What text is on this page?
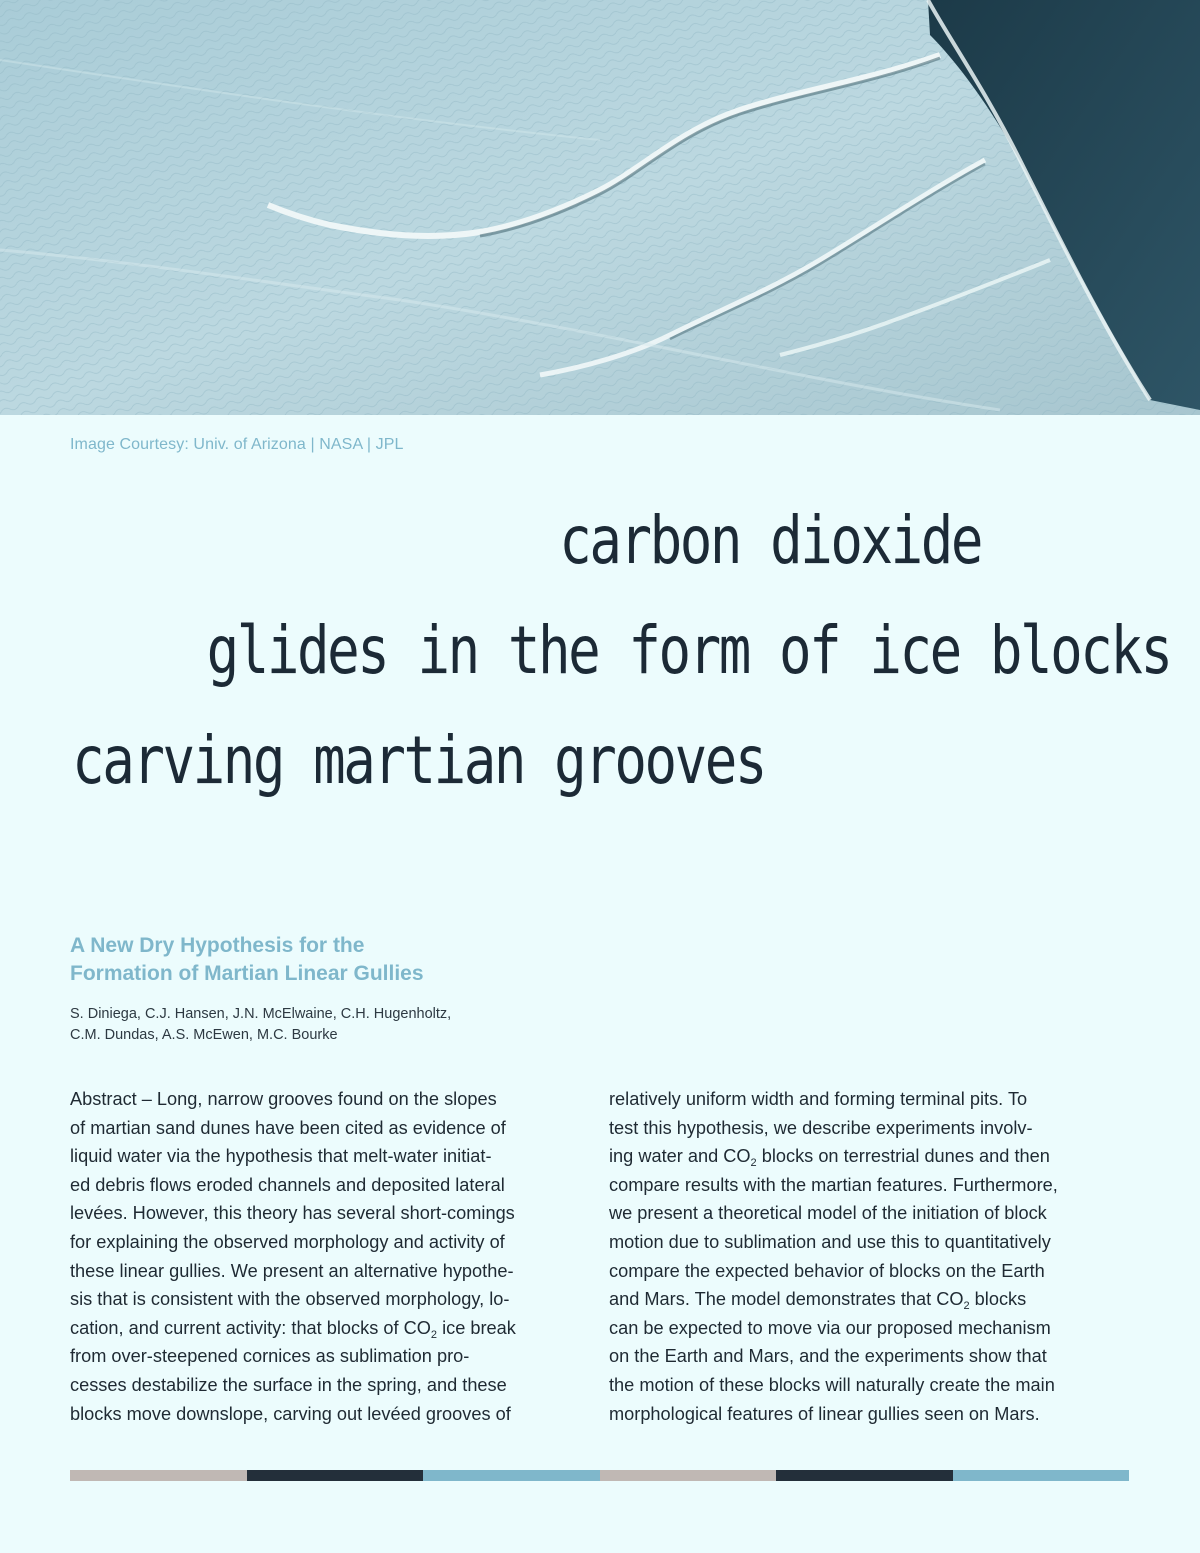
Image Courtesy: Univ. of Arizona | NASA | JPL
carbon dioxide
glides in the form of ice blocks
carving martian grooves
A New Dry Hypothesis for the
Formation of Martian Linear Gullies
S. Diniega, C.J. Hansen, J.N. McElwaine, C.H. Hugenholtz,
C.M. Dundas, A.S. McEwen, M.C. Bourke
Abstract – Long, narrow grooves found on the slopes
of martian sand dunes have been cited as evidence of
liquid water via the hypothesis that melt-water initiat-
ed debris flows eroded channels and deposited lateral
levées. However, this theory has several short-comings
for explaining the observed morphology and activity of
these linear gullies. We present an alternative hypothe-
sis that is consistent with the observed morphology, lo-
cation, and current activity: that blocks of $CO_2$ ice break
from over-steepened cornices as sublimation pro-
cesses destabilize the surface in the spring, and these
blocks move downslope, carving out levéed grooves of
relatively uniform width and forming terminal pits. To
test this hypothesis, we describe experiments involv-
ing water and $CO_2$ blocks on terrestrial dunes and then
compare results with the martian features. Furthermore,
we present a theoretical model of the initiation of block
motion due to sublimation and use this to quantitatively
compare the expected behavior of blocks on the Earth
and Mars. The model demonstrates that $CO_2$ blocks
can be expected to move via our proposed mechanism
on the Earth and Mars, and the experiments show that
the motion of these blocks will naturally create the main
morphological features of linear gullies seen on Mars.
